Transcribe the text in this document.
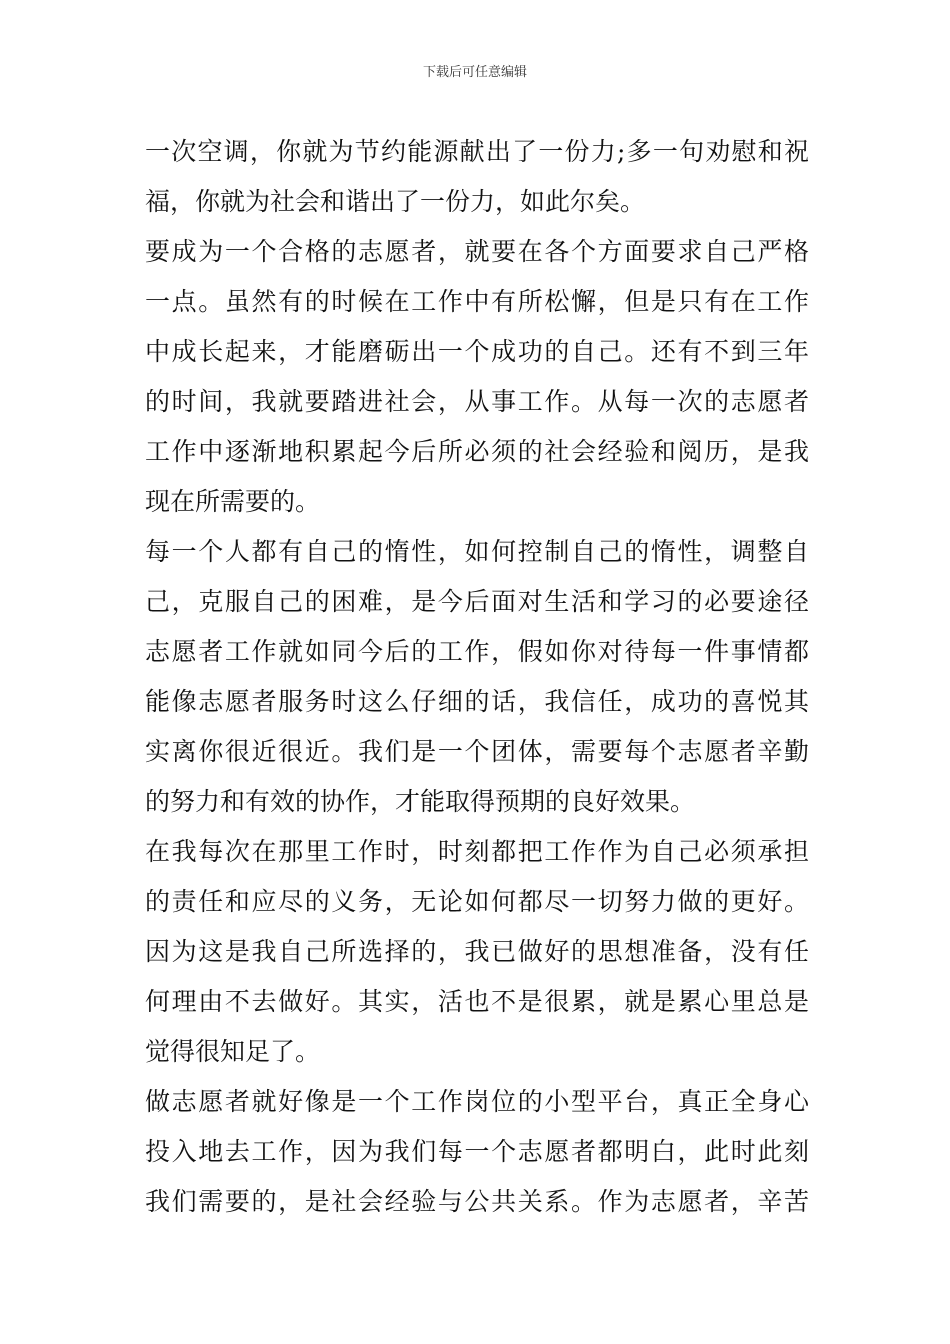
下载后可任意编辑
一次空调，你就为节约能源献出了一份力;多一句劝慰和祝
福，你就为社会和谐出了一份力，如此尔矣。
要成为一个合格的志愿者，就要在各个方面要求自己严格
一点。虽然有的时候在工作中有所松懈，但是只有在工作
中成长起来，才能磨砺出一个成功的自己。还有不到三年
的时间，我就要踏进社会，从事工作。从每一次的志愿者
工作中逐渐地积累起今后所必须的社会经验和阅历，是我
现在所需要的。
每一个人都有自己的惰性，如何控制自己的惰性，调整自
己，克服自己的困难，是今后面对生活和学习的必要途径
志愿者工作就如同今后的工作，假如你对待每一件事情都
能像志愿者服务时这么仔细的话，我信任，成功的喜悦其
实离你很近很近。我们是一个团体，需要每个志愿者辛勤
的努力和有效的协作，才能取得预期的良好效果。
在我每次在那里工作时，时刻都把工作作为自己必须承担
的责任和应尽的义务，无论如何都尽一切努力做的更好。
因为这是我自己所选择的，我已做好的思想准备，没有任
何理由不去做好。其实，活也不是很累，就是累心里总是
觉得很知足了。
做志愿者就好像是一个工作岗位的小型平台，真正全身心
投入地去工作，因为我们每一个志愿者都明白，此时此刻
我们需要的，是社会经验与公共关系。作为志愿者，辛苦
